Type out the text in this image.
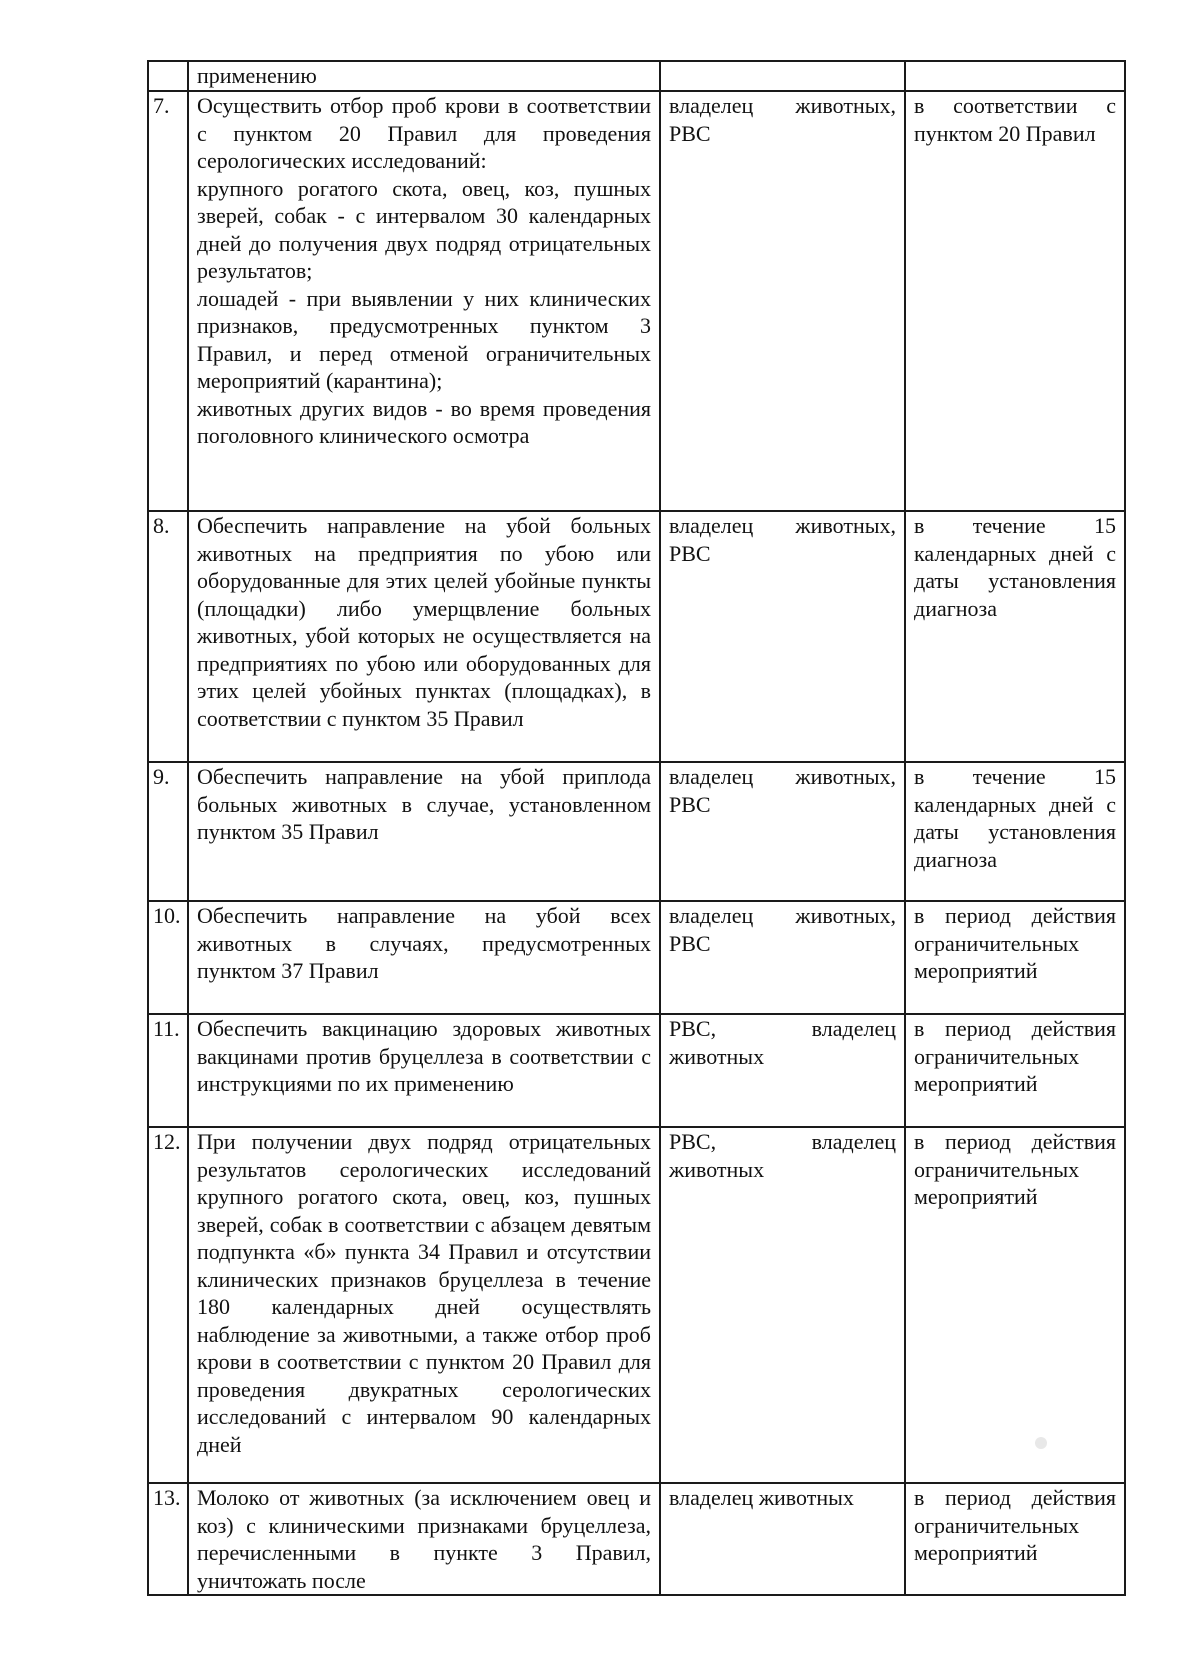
	применению		

7.	Осуществить отбор проб крови в соответствии с пунктом 20 Правил для проведения серологических исследований:
крупного рогатого скота, овец, коз, пушных зверей, собак - с интервалом 30 календарных дней до получения двух подряд отрицательных результатов;
лошадей - при выявлении у них клинических признаков, предусмотренных пунктом 3 Правил, и перед отменой ограничительных мероприятий (карантина);
животных других видов - во время проведения поголовного клинического осмотра	владелец животных, РВС	в соответствии с пунктом 20 Правил
8.	Обеспечить направление на убой больных животных на предприятия по убою или оборудованные для этих целей убойные пункты (площадки) либо умерщвление больных животных, убой которых не осуществляется на предприятиях по убою или оборудованных для этих целей убойных пунктах (площадках), в соответствии с пунктом 35 Правил	владелец животных, РВС	в течение 15 календарных дней с даты установления диагноза
9.	Обеспечить направление на убой приплода больных животных в случае, установленном пунктом 35 Правил	владелец животных, РВС	в течение 15 календарных дней с даты установления диагноза
10.	Обеспечить направление на убой всех животных в случаях, предусмотренных пунктом 37 Правил	владелец животных, РВС	в период действия ограничительных мероприятий
11.	Обеспечить вакцинацию здоровых животных вакцинами против бруцеллеза в соответствии с инструкциями по их применению	РВС, владелец животных	в период действия ограничительных мероприятий
12.	При получении двух подряд отрицательных результатов серологических исследований крупного рогатого скота, овец, коз, пушных зверей, собак в соответствии с абзацем девятым подпункта «б» пункта 34 Правил и отсутствии клинических признаков бруцеллеза в течение 180 календарных дней осуществлять наблюдение за животными, а также отбор проб крови в соответствии с пунктом 20 Правил для проведения двукратных серологических исследований с интервалом 90 календарных дней	РВС, владелец животных	в период действия ограничительных мероприятий
13.	Молоко от животных (за исключением овец и коз) с клиническими признаками бруцеллеза, перечисленными в пункте 3 Правил, уничтожать после	владелец животных	в период действия ограничительных мероприятий
